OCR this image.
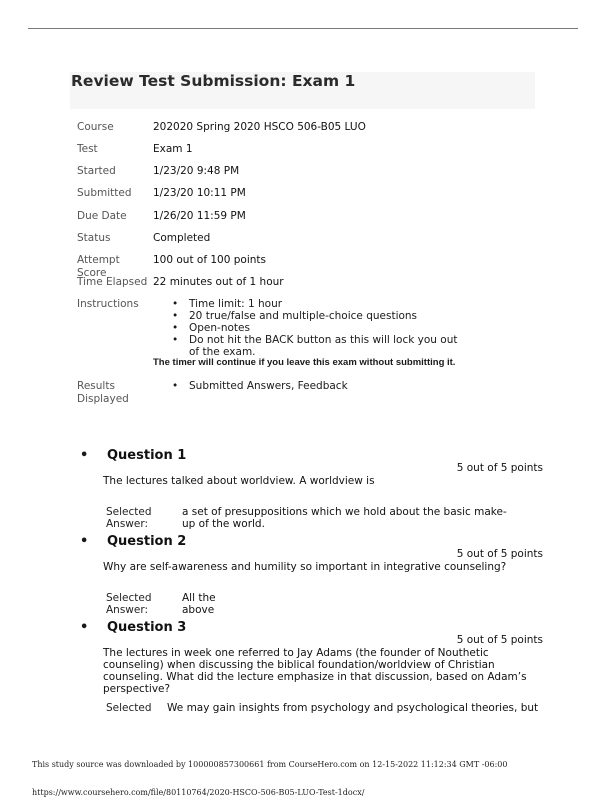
Review Test Submission: Exam 1
Course	202020 Spring 2020 HSCO 506-B05 LUO
Test	Exam 1
Started	1/23/20 9:48 PM
Submitted	1/23/20 10:11 PM
Due Date	1/26/20 11:59 PM
Status	Completed
Attempt Score
100 out of 100 points
Time Elapsed 22 minutes out of 1 hour
Instructions
•	Time limit: 1 hour
• 20 true/false and multiple-choice questions
• Open-notes
• Do not hit the BACK button as this will lock you out of the exam.
The timer will continue if you leave this exam without submitting it.
Results
Displayed
• Submitted Answers, Feedback
• Question 1
5 out of 5 points
The lectures talked about worldview. A worldview is
Selected
Answer:
a set of presuppositions which we hold about the basic make-up of the world.
• Question 2
5 out of 5 points
Why are self-awareness and humility so important in integrative counseling?
Selected
Answer:
All the
above
• Question 3
5 out of 5 points
The lectures in week one referred to Jay Adams (the founder of Nouthetic counseling) when discussing the biblical foundation/worldview of Christian counseling. What did the lecture emphasize in that discussion, based on Adam’s perspective?
Selected	We may gain insights from psychology and psychological theories, but
This study source was downloaded by 100000857300661 from CourseHero.com on 12-15-2022 11:12:34 GMT -06:00
https://www.coursehero.com/file/80110764/2020-HSCO-506-B05-LUO-Test-1docx/
